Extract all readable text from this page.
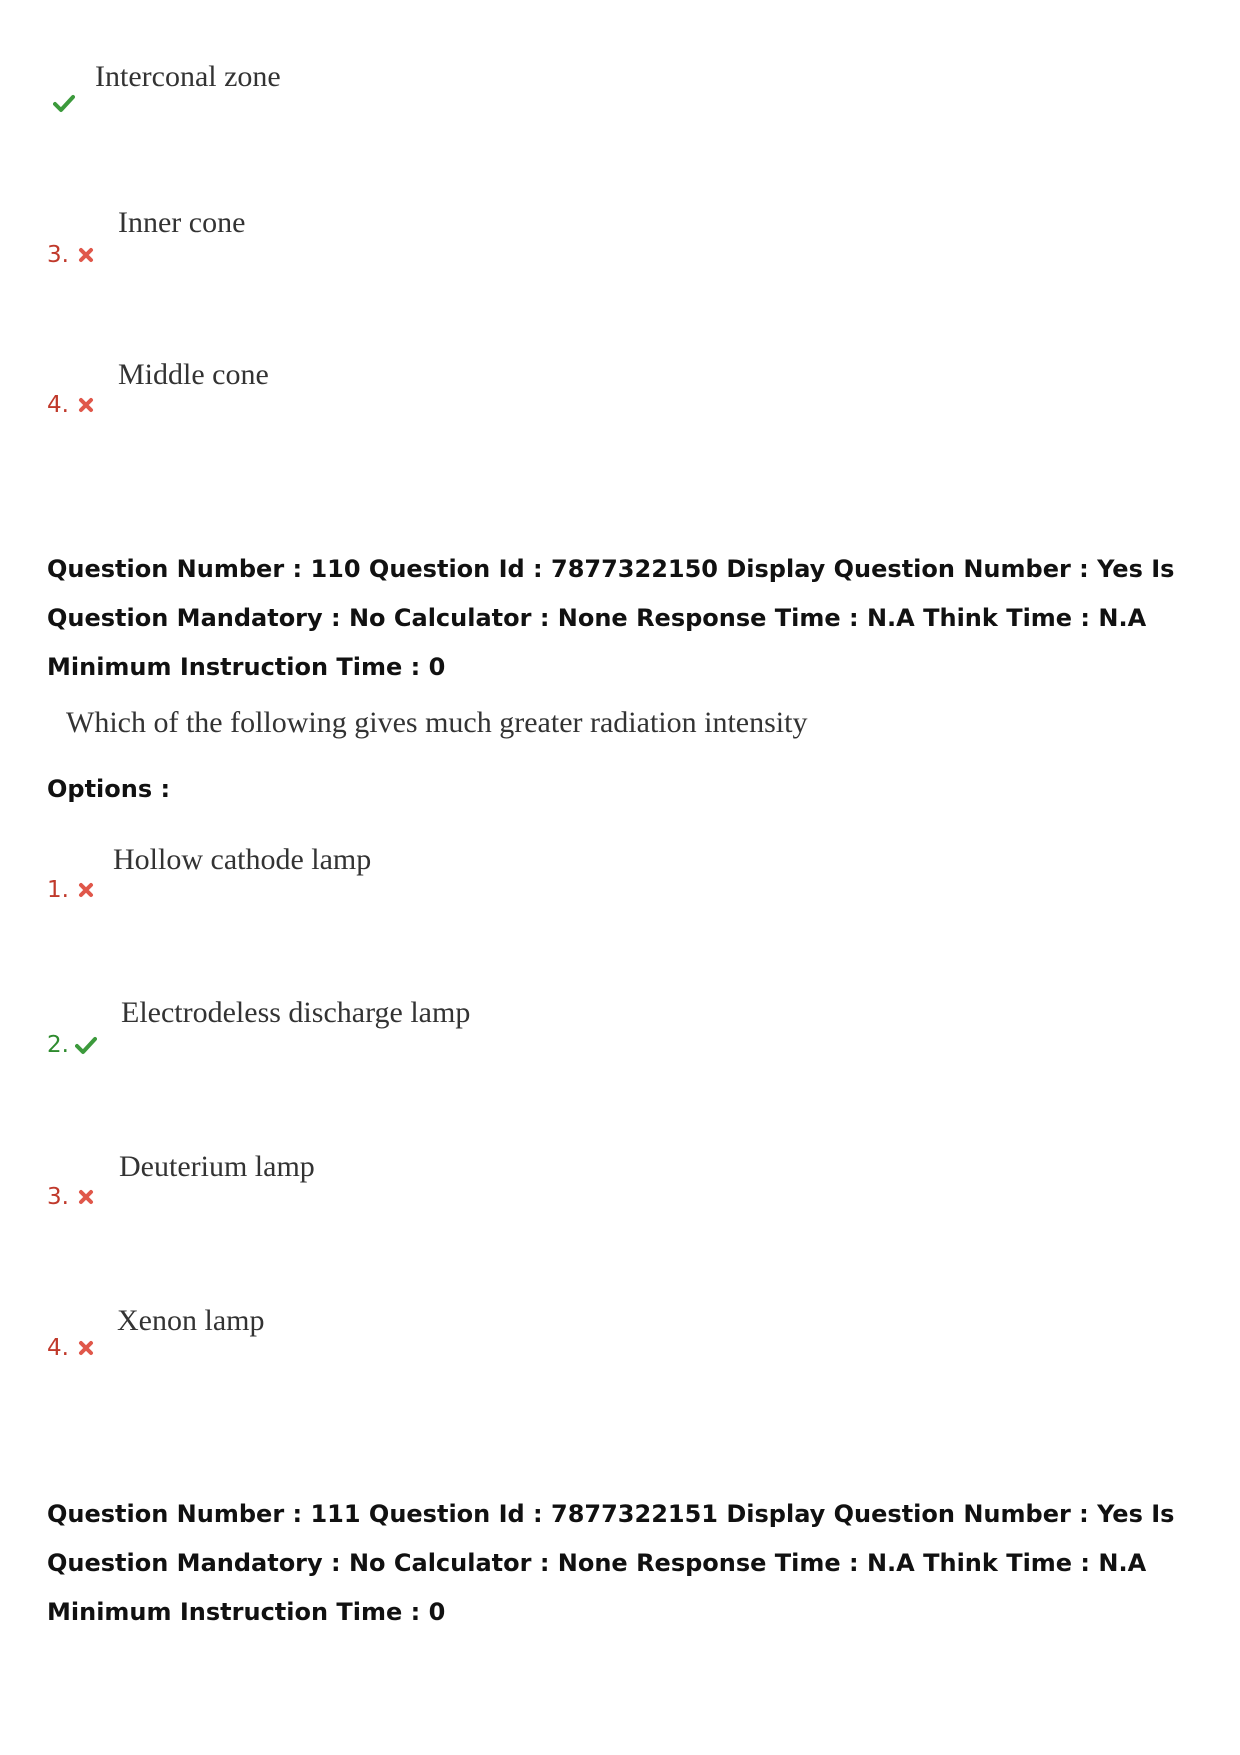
Interconal zone
Inner cone
3.
Middle cone
4.
Question Number : 110 Question Id : 7877322150 Display Question Number : Yes Is Question Mandatory : No Calculator : None Response Time : N.A Think Time : N.A Minimum Instruction Time : 0
Which of the following gives much greater radiation intensity
Options :
Hollow cathode lamp
1.
Electrodeless discharge lamp
2.
Deuterium lamp
3.
Xenon lamp
4.
Question Number : 111 Question Id : 7877322151 Display Question Number : Yes Is Question Mandatory : No Calculator : None Response Time : N.A Think Time : N.A Minimum Instruction Time : 0
